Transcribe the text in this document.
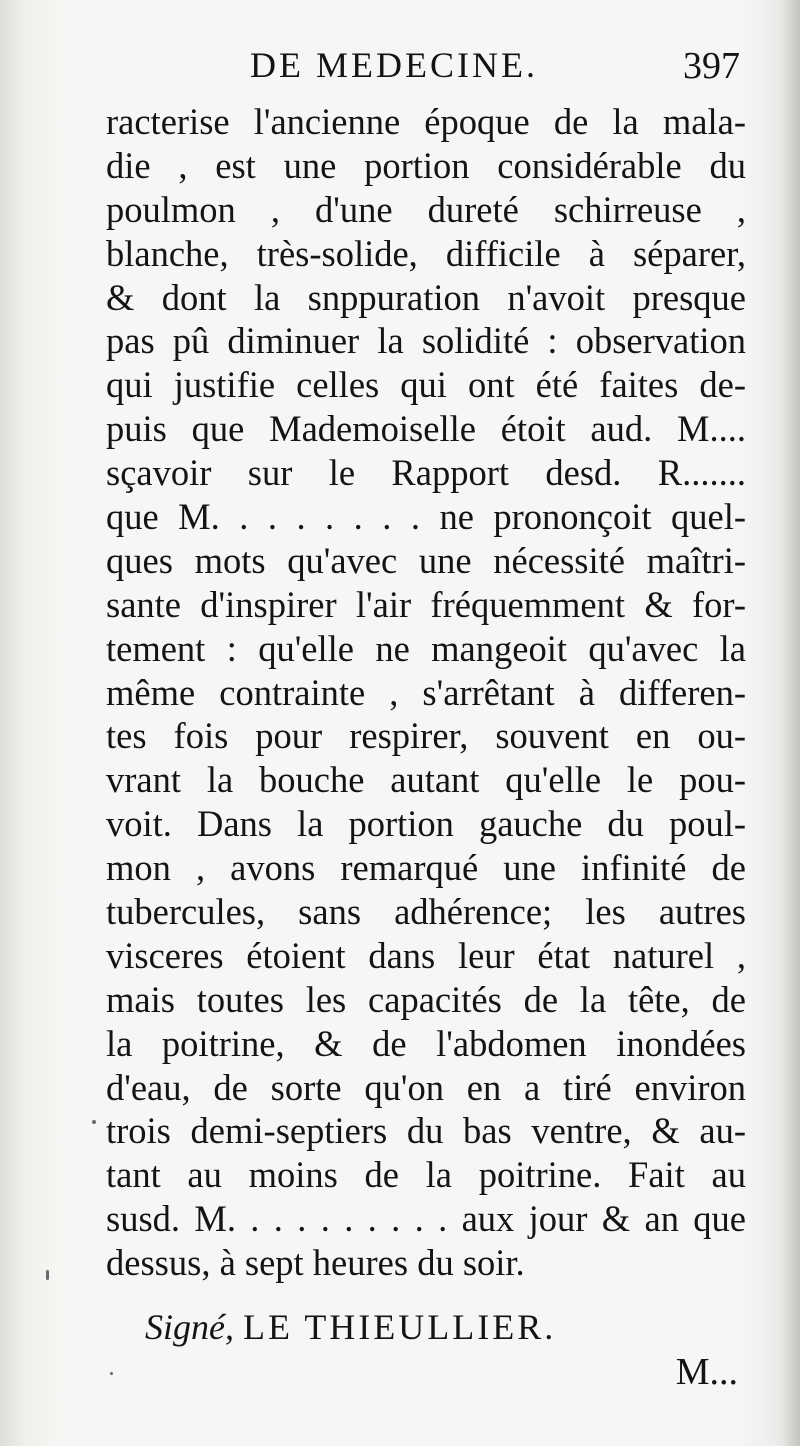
DE MEDECINE.	397
racterise l'ancienne époque de la mala-
die , est une portion considérable du
poulmon , d'une dureté schirreuse ,
blanche, très-solide, difficile à séparer,
& dont la snppuration n'avoit presque
pas pû diminuer la solidité : observation
qui justifie celles qui ont été faites de-
puis que Mademoiselle étoit aud. M....
sçavoir sur le Rapport desd. R.......
que M. . . . . . . . ne prononçoit quel-
ques mots qu'avec une nécessité maîtri-
sante d'inspirer l'air fréquemment & for-
tement : qu'elle ne mangeoit qu'avec la
même contrainte , s'arrêtant à differen-
tes fois pour respirer, souvent en ou-
vrant la bouche autant qu'elle le pou-
voit. Dans la portion gauche du poul-
mon , avons remarqué une infinité de
tubercules, sans adhérence; les autres
visceres étoient dans leur état naturel ,
mais toutes les capacités de la tête, de
la poitrine, & de l'abdomen inondées
d'eau, de sorte qu'on en a tiré environ
trois demi-septiers du bas ventre, & au-
tant au moins de la poitrine. Fait au
susd. M. . . . . . . . . . aux jour & an que
dessus, à sept heures du soir.
Signé, LE THIEULLIER.
M...
